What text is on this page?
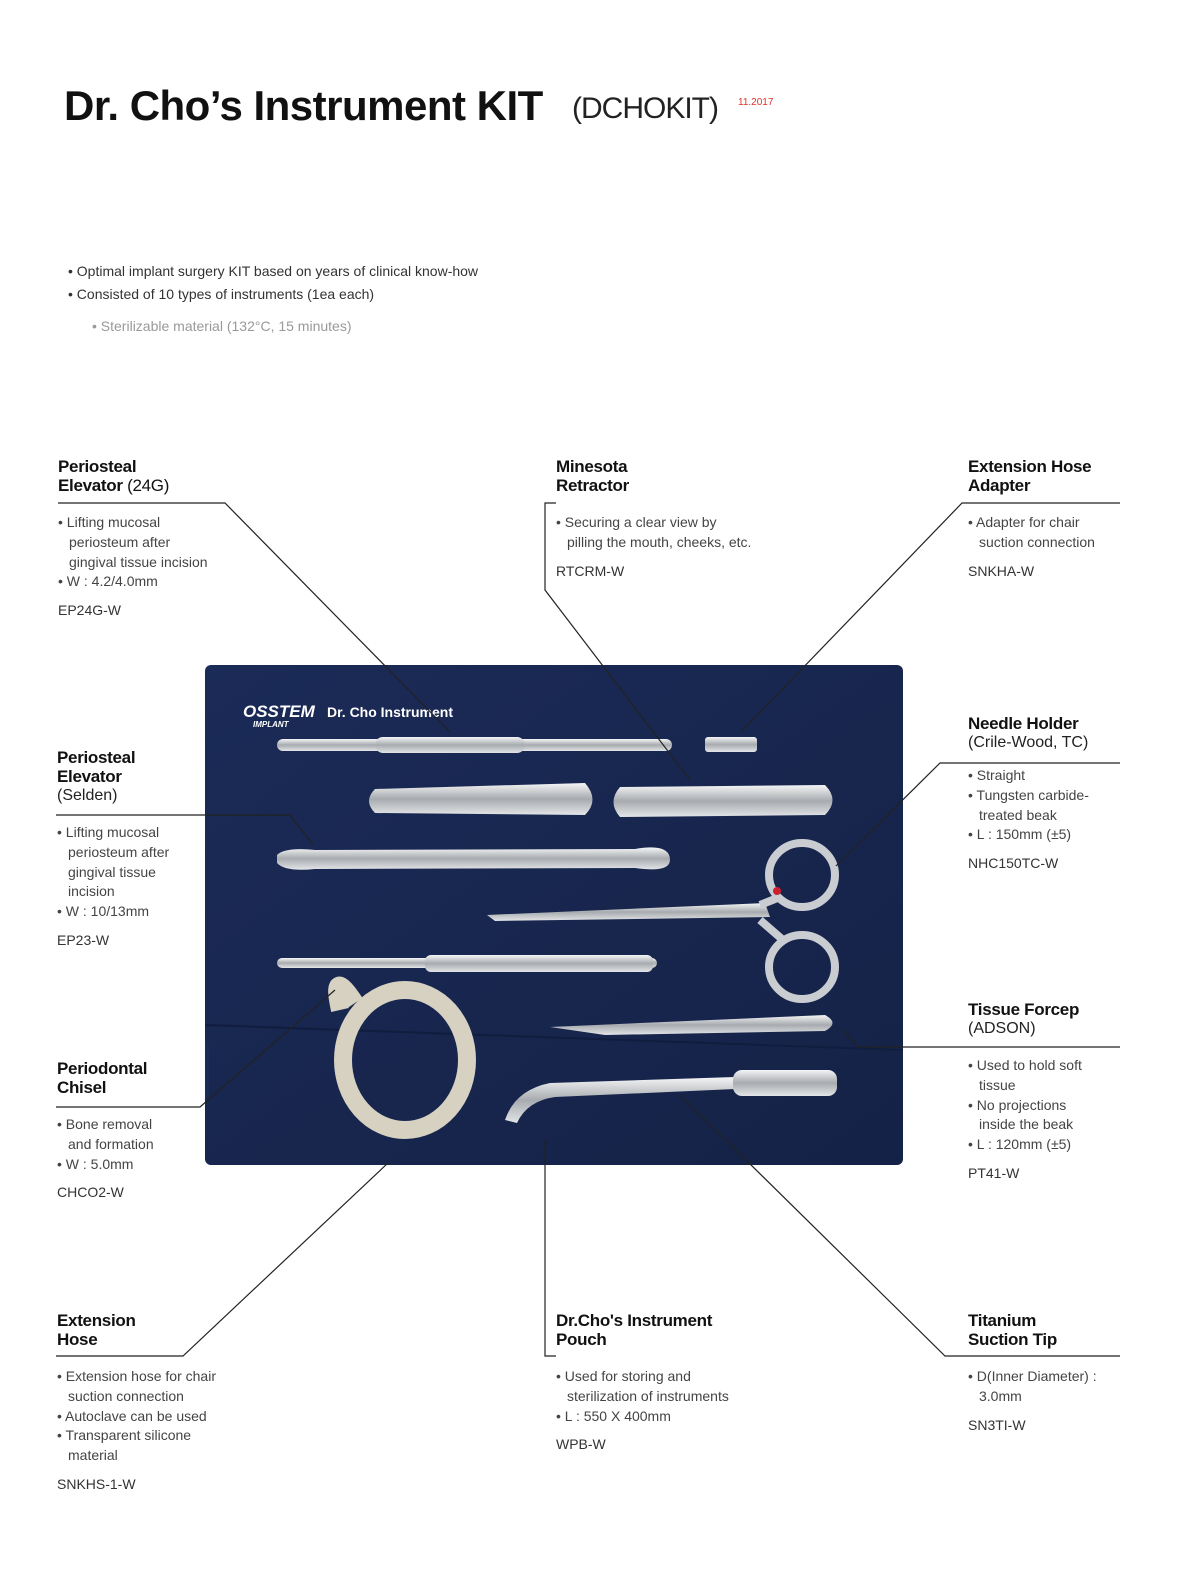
Dr. Cho’s Instrument KIT (DCHOKIT) 11.2017
• Optimal implant surgery KIT based on years of clinical know-how
• Consisted of 10 types of instruments (1ea each)
• Sterilizable material (132°C, 15 minutes)
OSSTEM
IMPLANT
Dr. Cho Instrument
Periosteal
Elevator (24G)
• Lifting mucosal
periosteum after
gingival tissue incision
• W : 4.2/4.0mm
EP24G-W
Minesota
Retractor
• Securing a clear view by
pilling the mouth, cheeks, etc.
RTCRM-W
Extension Hose
Adapter
• Adapter for chair
suction connection
SNKHA-W
Periosteal
Elevator
(Selden)
• Lifting mucosal
periosteum after
gingival tissue
incision
• W : 10/13mm
EP23-W
Needle Holder
(Crile-Wood, TC)
• Straight
• Tungsten carbide-
treated beak
• L : 150mm (±5)
NHC150TC-W
Tissue Forcep
(ADSON)
• Used to hold soft
tissue
• No projections
inside the beak
• L : 120mm (±5)
PT41-W
Periodontal
Chisel
• Bone removal
and formation
• W : 5.0mm
CHCO2-W
Extension
Hose
• Extension hose for chair
suction connection
• Autoclave can be used
• Transparent silicone
material
SNKHS-1-W
Dr.Cho's Instrument
Pouch
• Used for storing and
sterilization of instruments
• L : 550 X 400mm
WPB-W
Titanium
Suction Tip
• D(Inner Diameter) :
3.0mm
SN3TI-W
